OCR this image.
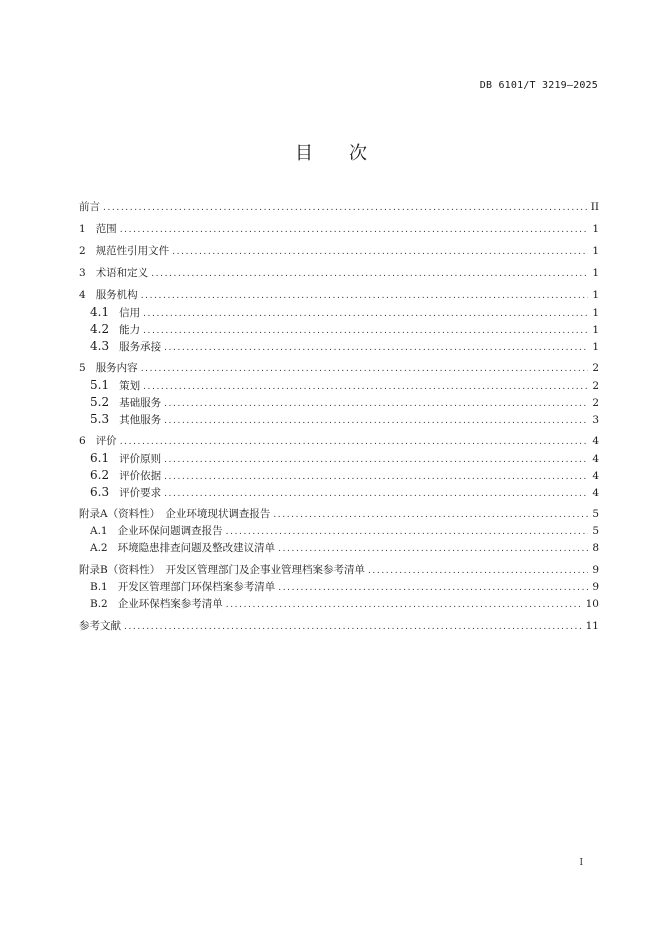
DB 6101/T 3219—2025
目次
前言 .....	II
1 范围 .....	1
2 规范性引用文件 .....	1
3 术语和定义 .....	1
4 服务机构 .....	1
4.1 信用 .....	1
4.2 能力 .....	1
4.3 服务承接 .....	1
5 服务内容 .....	2
5.1 策划 .....	2
5.2 基础服务 .....	2
5.3 其他服务 .....	3
6 评价 .....	4
6.1 评价原则 .....	4
6.2 评价依据 .....	4
6.3 评价要求 .....	4
附录A（资料性）　企业环境现状调查报告 .....	5
A.1 企业环保问题调查报告 .....	5
A.2 环境隐患排查问题及整改建议清单 .....	8
附录B（资料性）　开发区管理部门及企事业管理档案参考清单 .....	9
B.1 开发区管理部门环保档案参考清单 .....	9
B.2 企业环保档案参考清单 .....	10
参考文献 .....	11
I
